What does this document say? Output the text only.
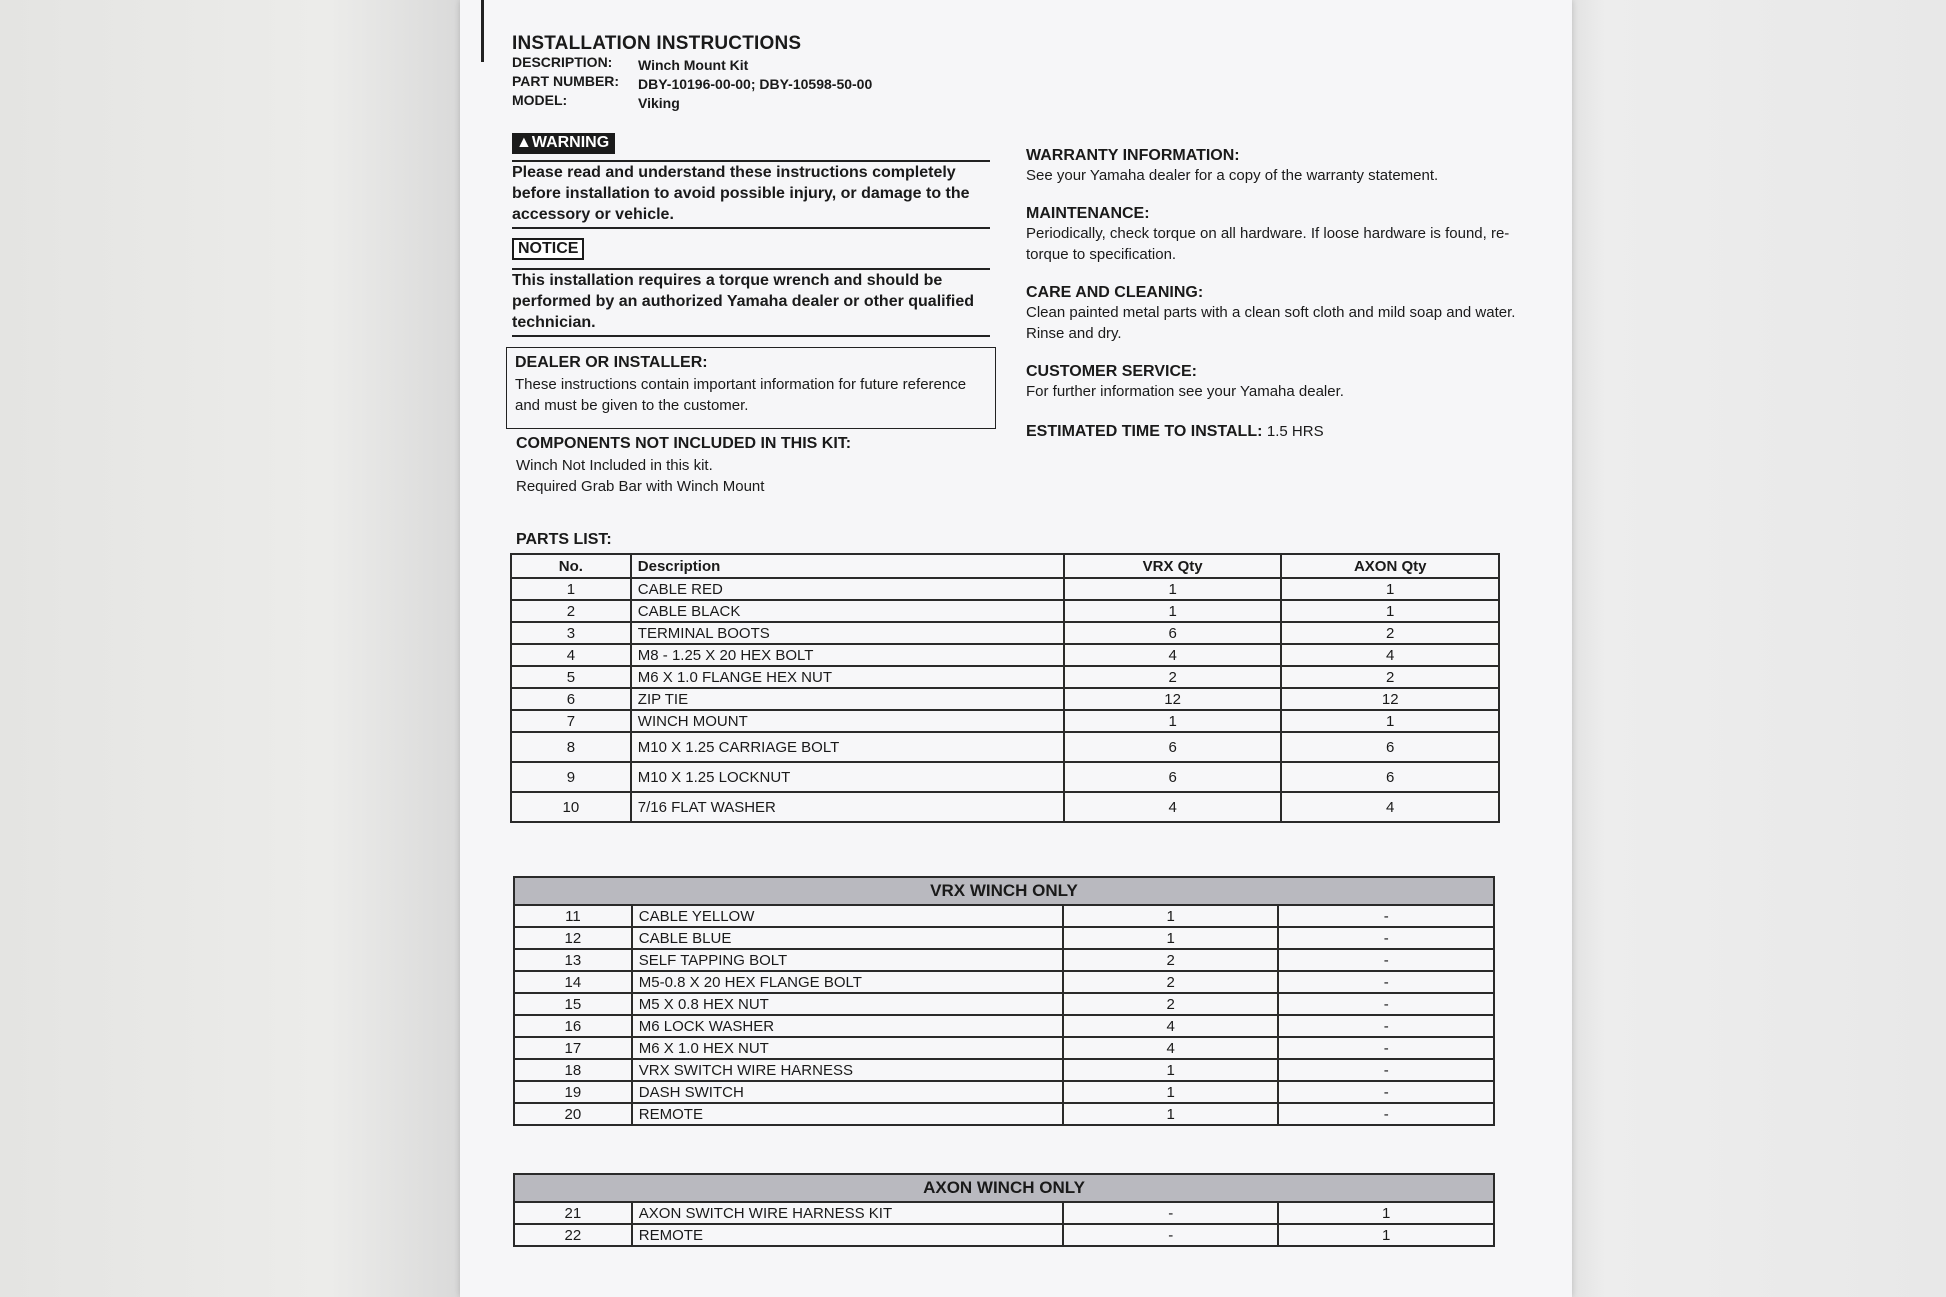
INSTALLATION INSTRUCTIONS
DESCRIPTION: Winch Mount Kit
PART NUMBER: DBY-10196-00-00; DBY-10598-50-00
MODEL:	Viking
▲WARNING
Please read and understand these instructions completely before installation to avoid possible injury, or damage to the accessory or vehicle.
NOTICE
This installation requires a torque wrench and should be performed by an authorized Yamaha dealer or other qualified technician.
DEALER OR INSTALLER:
These instructions contain important information for future reference and must be given to the customer.
COMPONENTS NOT INCLUDED IN THIS KIT:
Winch Not Included in this kit.
Required Grab Bar with Winch Mount
WARRANTY INFORMATION:
See your Yamaha dealer for a copy of the warranty statement.
MAINTENANCE:
Periodically, check torque on all hardware. If loose hardware is found, re-torque to specification.
CARE AND CLEANING:
Clean painted metal parts with a clean soft cloth and mild soap and water. Rinse and dry.
CUSTOMER SERVICE:
For further information see your Yamaha dealer.
ESTIMATED TIME TO INSTALL: 1.5 HRS
PARTS LIST:
No.	Description	VRX Qty	AXON Qty
1	CABLE RED	1	1
2	CABLE BLACK	1	1
3	TERMINAL BOOTS	6	2
4	M8 - 1.25 X 20 HEX BOLT	4	4
5	M6 X 1.0 FLANGE HEX NUT	2	2
6	ZIP TIE	12	12
7	WINCH MOUNT	1	1
8	M10 X 1.25 CARRIAGE BOLT	6	6
9	M10 X 1.25 LOCKNUT	6	6
10	7/16 FLAT WASHER	4	4
VRX WINCH ONLY			
11	CABLE YELLOW	1	-
12	CABLE BLUE	1	-
13	SELF TAPPING BOLT	2	-
14	M5-0.8 X 20 HEX FLANGE BOLT	2	-
15	M5 X 0.8 HEX NUT	2	-
16	M6 LOCK WASHER	4	-
17	M6 X 1.0 HEX NUT	4	-
18	VRX SWITCH WIRE HARNESS	1	-
19	DASH SWITCH	1	-
20	REMOTE	1	-
AXON WINCH ONLY			
21	AXON SWITCH WIRE HARNESS KIT	-	1
22	REMOTE	-	1
